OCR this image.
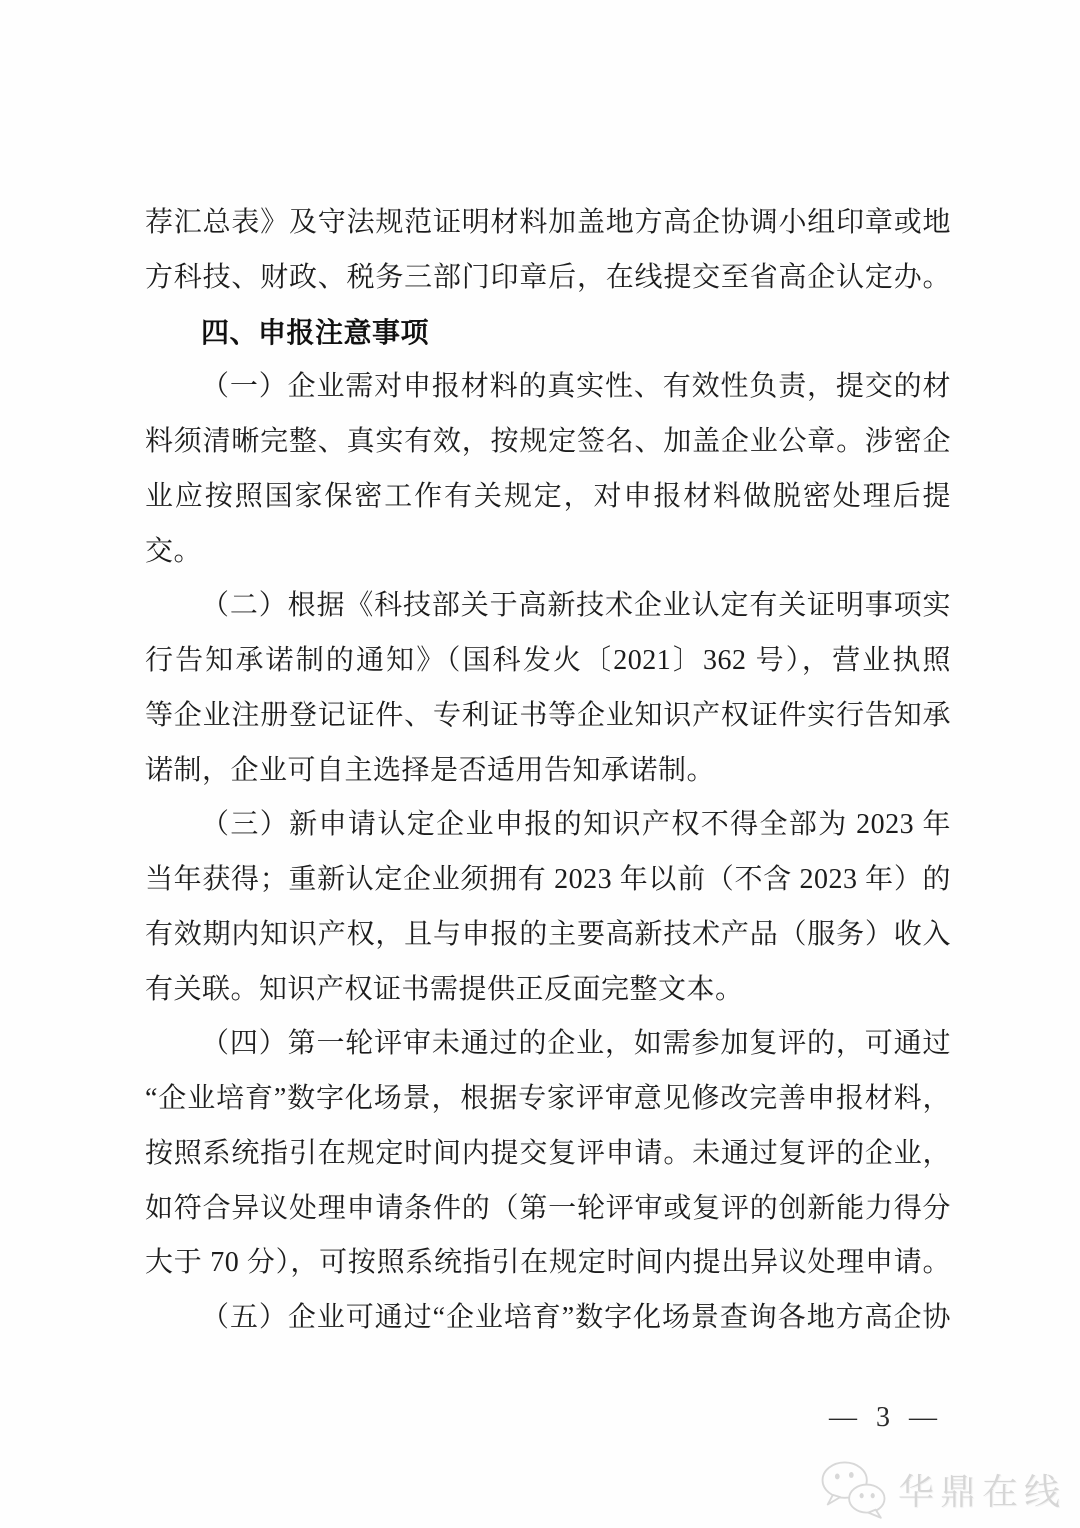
荐汇总表》及守法规范证明材料加盖地方高企协调小组印章或地
方科技、财政、税务三部门印章后，在线提交至省高企认定办。
四、申报注意事项
（一）企业需对申报材料的真实性、有效性负责，提交的材
料须清晰完整、真实有效，按规定签名、加盖企业公章。涉密企
业应按照国家保密工作有关规定，对申报材料做脱密处理后提
交。
（二）根据《科技部关于高新技术企业认定有关证明事项实
行告知承诺制的通知》（国科发火〔2021〕362 号），营业执照
等企业注册登记证件、专利证书等企业知识产权证件实行告知承
诺制，企业可自主选择是否适用告知承诺制。
（三）新申请认定企业申报的知识产权不得全部为 2023 年
当年获得；重新认定企业须拥有 2023 年以前（不含 2023 年）的
有效期内知识产权，且与申报的主要高新技术产品（服务）收入
有关联。知识产权证书需提供正反面完整文本。
（四）第一轮评审未通过的企业，如需参加复评的，可通过
“企业培育”数字化场景，根据专家评审意见修改完善申报材料，
按照系统指引在规定时间内提交复评申请。未通过复评的企业，
如符合异议处理申请条件的（第一轮评审或复评的创新能力得分
大于 70 分），可按照系统指引在规定时间内提出异议处理申请。
（五）企业可通过“企业培育”数字化场景查询各地方高企协
— 3 —
华鼎在线
